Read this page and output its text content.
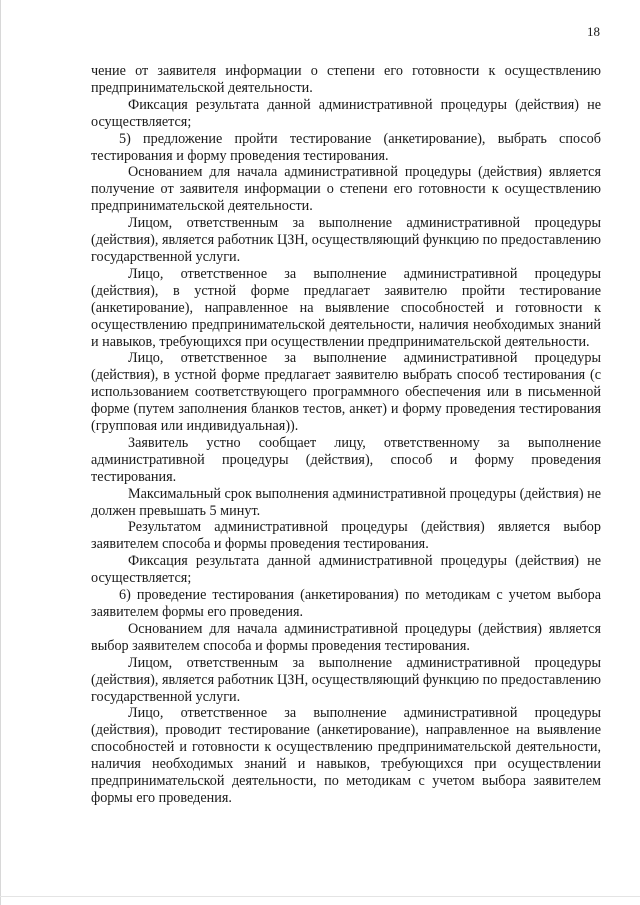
18

чение от заявителя информации о степени его готовности к осуществлению предпринимательской деятельности.

Фиксация результата данной административной процедуры (действия) не осуществляется;

5) предложение пройти тестирование (анкетирование), выбрать способ тестирования и форму проведения тестирования.

Основанием для начала административной процедуры (действия) является получение от заявителя информации о степени его готовности к осуществлению предпринимательской деятельности.

Лицом, ответственным за выполнение административной процедуры (действия), является работник ЦЗН, осуществляющий функцию по предоставлению государственной услуги.

Лицо, ответственное за выполнение административной процедуры (действия), в устной форме предлагает заявителю пройти тестирование (анкетирование), направленное на выявление способностей и готовности к осуществлению предпринимательской деятельности, наличия необходимых знаний и навыков, требующихся при осуществлении предпринимательской деятельности.

Лицо, ответственное за выполнение административной процедуры (действия), в устной форме предлагает заявителю выбрать способ тестирования (с использованием соответствующего программного обеспечения или в письменной форме (путем заполнения бланков тестов, анкет) и форму проведения тестирования (групповая или индивидуальная)).

Заявитель устно сообщает лицу, ответственному за выполнение административной процедуры (действия), способ и форму проведения тестирования.

Максимальный срок выполнения административной процедуры (действия) не должен превышать 5 минут.

Результатом административной процедуры (действия) является выбор заявителем способа и формы проведения тестирования.

Фиксация результата данной административной процедуры (действия) не осуществляется;

6) проведение тестирования (анкетирования) по методикам с учетом выбора заявителем формы его проведения.

Основанием для начала административной процедуры (действия) является выбор заявителем способа и формы проведения тестирования.

Лицом, ответственным за выполнение административной процедуры (действия), является работник ЦЗН, осуществляющий функцию по предоставлению государственной услуги.

Лицо, ответственное за выполнение административной процедуры (действия), проводит тестирование (анкетирование), направленное на выявление способностей и готовности к осуществлению предпринимательской деятельности, наличия необходимых знаний и навыков, требующихся при осуществлении предпринимательской деятельности, по методикам с учетом выбора заявителем формы его проведения.
